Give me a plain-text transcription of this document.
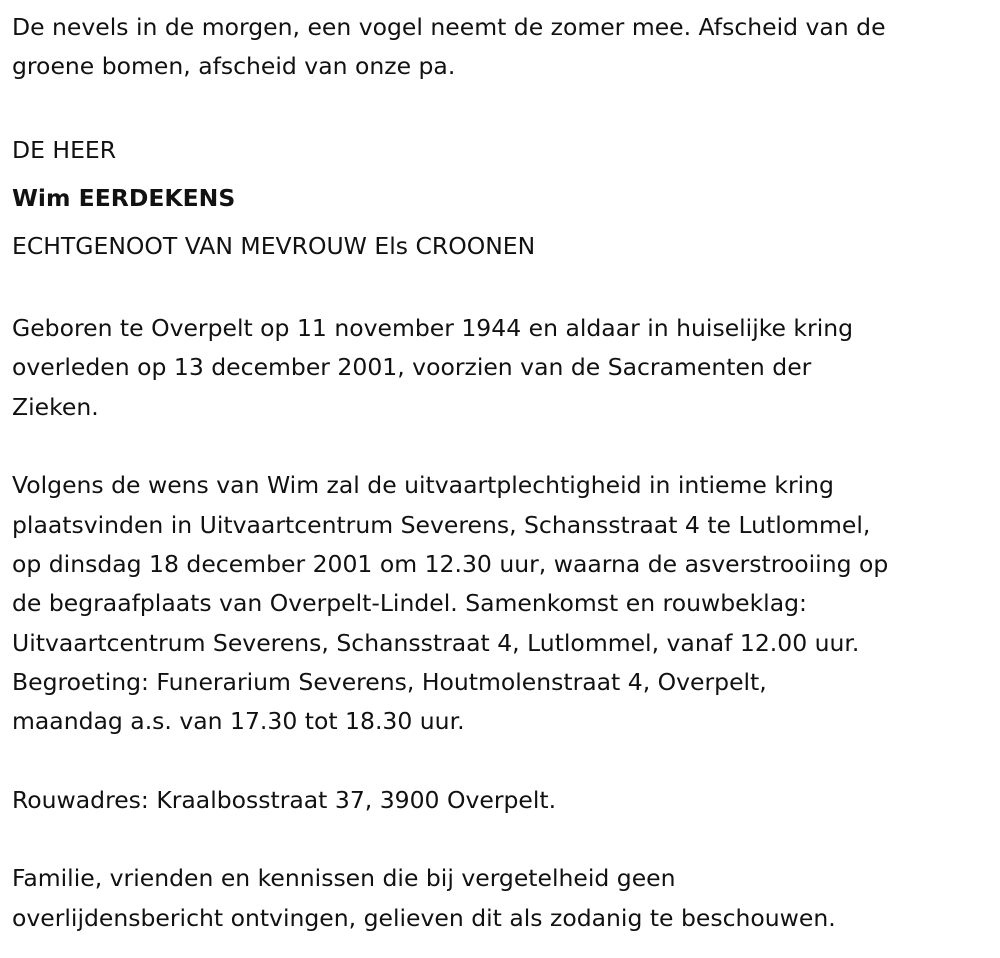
De nevels in de morgen, een vogel neemt de zomer mee. Afscheid van de
groene bomen, afscheid van onze pa.
DE HEER
Wim EERDEKENS
ECHTGENOOT VAN MEVROUW Els CROONEN
Geboren te Overpelt op 11 november 1944 en aldaar in huiselijke kring
overleden op 13 december 2001, voorzien van de Sacramenten der
Zieken.
Volgens de wens van Wim zal de uitvaartplechtigheid in intieme kring
plaatsvinden in Uitvaartcentrum Severens, Schansstraat 4 te Lutlommel,
op dinsdag 18 december 2001 om 12.30 uur, waarna de asverstrooiing op
de begraafplaats van Overpelt-Lindel. Samenkomst en rouwbeklag:
Uitvaartcentrum Severens, Schansstraat 4, Lutlommel, vanaf 12.00 uur.
Begroeting: Funerarium Severens, Houtmolenstraat 4, Overpelt,
maandag a.s. van 17.30 tot 18.30 uur.
Rouwadres: Kraalbosstraat 37, 3900 Overpelt.
Familie, vrienden en kennissen die bij vergetelheid geen
overlijdensbericht ontvingen, gelieven dit als zodanig te beschouwen.
